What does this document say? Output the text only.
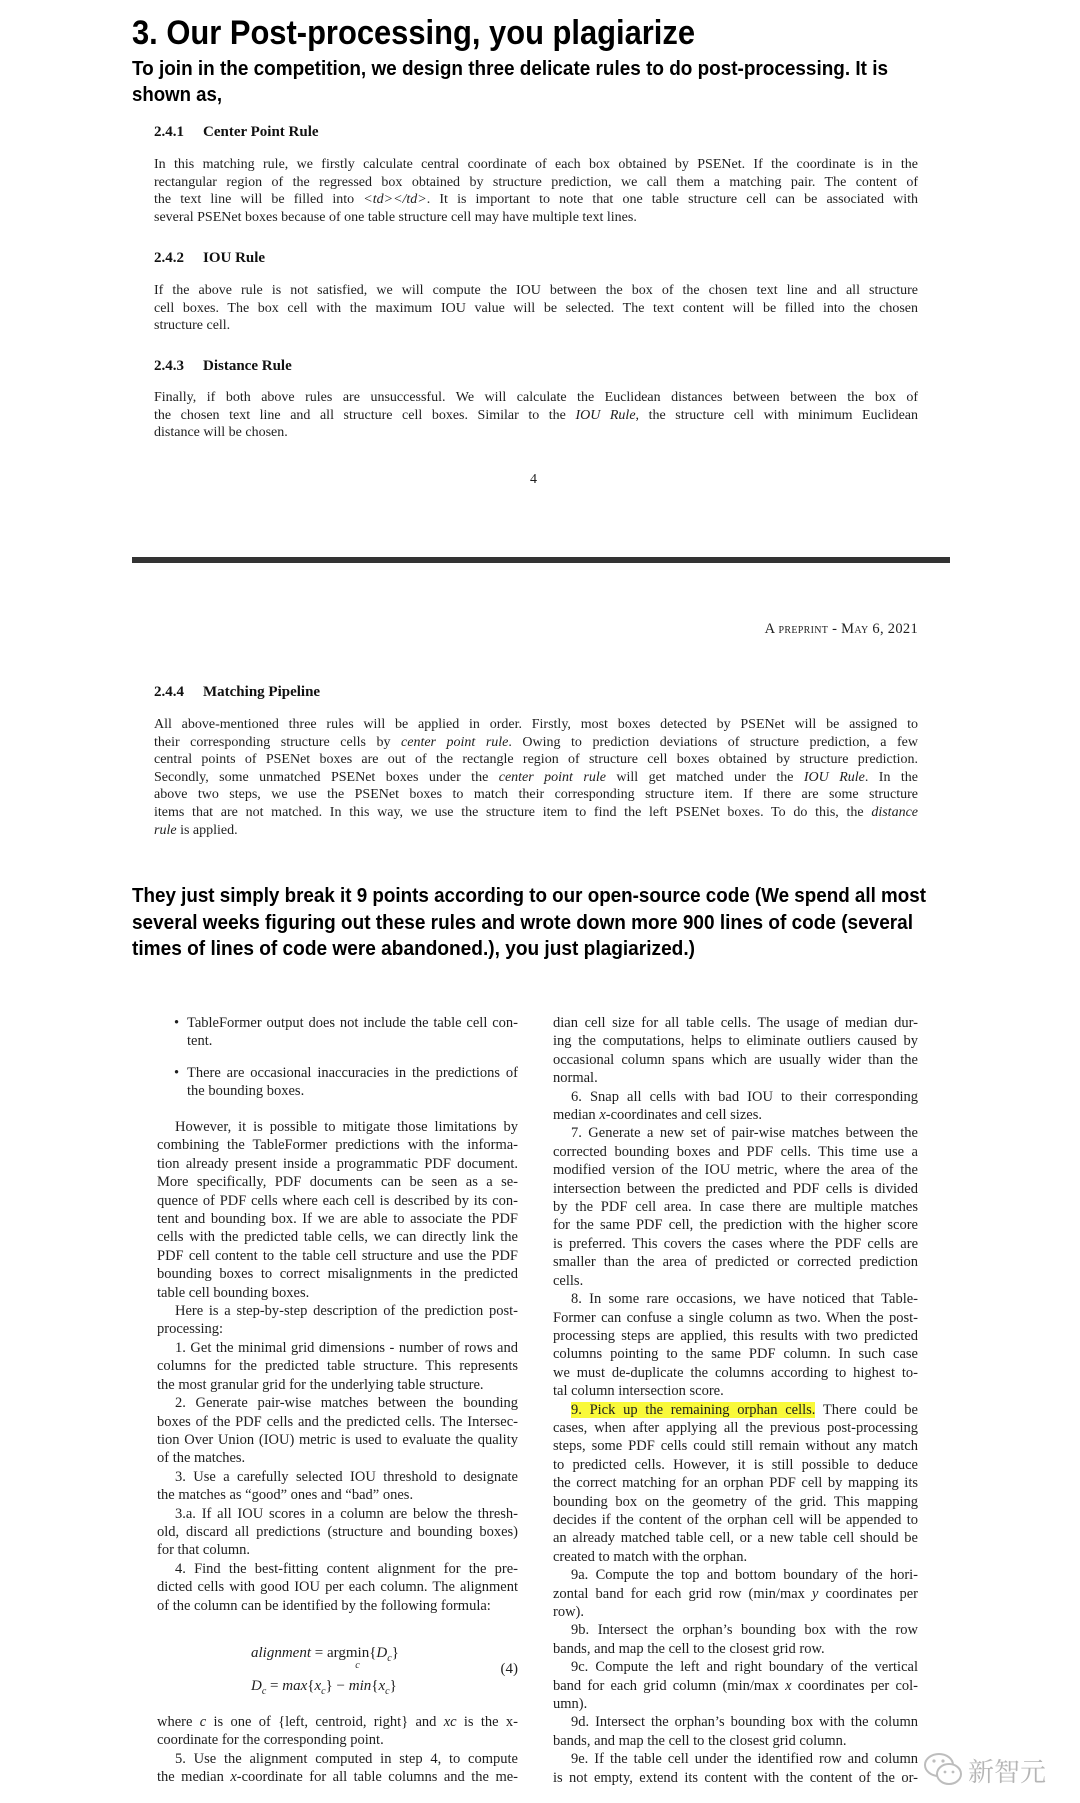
3. Our Post-processing, you plagiarize
To join in the competition, we design three delicate rules to do post-processing. It is
shown as,
2.4.1 Center Point Rule
In this matching rule, we firstly calculate central coordinate of each box obtained by PSENet. If the coordinate is in the
rectangular region of the regressed box obtained by structure prediction, we call them a matching pair. The content of
the text line will be filled into <td></td>. It is important to note that one table structure cell can be associated with
several PSENet boxes because of one table structure cell may have multiple text lines.
2.4.2 IOU Rule
If the above rule is not satisfied, we will compute the IOU between the box of the chosen text line and all structure
cell boxes. The box cell with the maximum IOU value will be selected. The text content will be filled into the chosen
structure cell.
2.4.3 Distance Rule
Finally, if both above rules are unsuccessful. We will calculate the Euclidean distances between between the box of
the chosen text line and all structure cell boxes. Similar to the IOU Rule, the structure cell with minimum Euclidean
distance will be chosen.
4
A preprint - May 6, 2021
2.4.4 Matching Pipeline
All above-mentioned three rules will be applied in order. Firstly, most boxes detected by PSENet will be assigned to
their corresponding structure cells by center point rule. Owing to prediction deviations of structure prediction, a few
central points of PSENet boxes are out of the rectangle region of structure cell boxes obtained by structure prediction.
Secondly, some unmatched PSENet boxes under the center point rule will get matched under the IOU Rule. In the
above two steps, we use the PSENet boxes to match their corresponding structure item. If there are some structure
items that are not matched. In this way, we use the structure item to find the left PSENet boxes. To do this, the distance
rule is applied.
They just simply break it 9 points according to our open-source code (We spend all most
several weeks figuring out these rules and wrote down more 900 lines of code (several
times of lines of code were abandoned.), you just plagiarized.)
• TableFormer output does not include the table cell con-
tent.
• There are occasional inaccuracies in the predictions of
the bounding boxes.
However, it is possible to mitigate those limitations by
combining the TableFormer predictions with the informa-
tion already present inside a programmatic PDF document.
More specifically, PDF documents can be seen as a se-
quence of PDF cells where each cell is described by its con-
tent and bounding box. If we are able to associate the PDF
cells with the predicted table cells, we can directly link the
PDF cell content to the table cell structure and use the PDF
bounding boxes to correct misalignments in the predicted
table cell bounding boxes.
Here is a step-by-step description of the prediction post-
processing:
1. Get the minimal grid dimensions - number of rows and
columns for the predicted table structure. This represents
the most granular grid for the underlying table structure.
2. Generate pair-wise matches between the bounding
boxes of the PDF cells and the predicted cells. The Intersec-
tion Over Union (IOU) metric is used to evaluate the quality
of the matches.
3. Use a carefully selected IOU threshold to designate
the matches as “good” ones and “bad” ones.
3.a. If all IOU scores in a column are below the thresh-
old, discard all predictions (structure and bounding boxes)
for that column.
4. Find the best-fitting content alignment for the pre-
dicted cells with good IOU per each column. The alignment
of the column can be identified by the following formula:
alignment = argmin
c
$\{D_c\}$
$D_c = \max\{x_c\} - \min\{x_c\}$
(4)
where c is one of {left, centroid, right} and xc is the x-
coordinate for the corresponding point.
5. Use the alignment computed in step 4, to compute
the median x-coordinate for all table columns and the me-
dian cell size for all table cells. The usage of median dur-
ing the computations, helps to eliminate outliers caused by
occasional column spans which are usually wider than the
normal.
6. Snap all cells with bad IOU to their corresponding
median x-coordinates and cell sizes.
7. Generate a new set of pair-wise matches between the
corrected bounding boxes and PDF cells. This time use a
modified version of the IOU metric, where the area of the
intersection between the predicted and PDF cells is divided
by the PDF cell area. In case there are multiple matches
for the same PDF cell, the prediction with the higher score
is preferred. This covers the cases where the PDF cells are
smaller than the area of predicted or corrected prediction
cells.
8. In some rare occasions, we have noticed that Table-
Former can confuse a single column as two. When the post-
processing steps are applied, this results with two predicted
columns pointing to the same PDF column. In such case
we must de-duplicate the columns according to highest to-
tal column intersection score.
9. Pick up the remaining orphan cells. There could be
cases, when after applying all the previous post-processing
steps, some PDF cells could still remain without any match
to predicted cells. However, it is still possible to deduce
the correct matching for an orphan PDF cell by mapping its
bounding box on the geometry of the grid. This mapping
decides if the content of the orphan cell will be appended to
an already matched table cell, or a new table cell should be
created to match with the orphan.
9a. Compute the top and bottom boundary of the hori-
zontal band for each grid row (min/max y coordinates per
row).
9b. Intersect the orphan’s bounding box with the row
bands, and map the cell to the closest grid row.
9c. Compute the left and right boundary of the vertical
band for each grid column (min/max x coordinates per col-
umn).
9d. Intersect the orphan’s bounding box with the column
bands, and map the cell to the closest grid column.
9e. If the table cell under the identified row and column
is not empty, extend its content with the content of the or- 新智元
